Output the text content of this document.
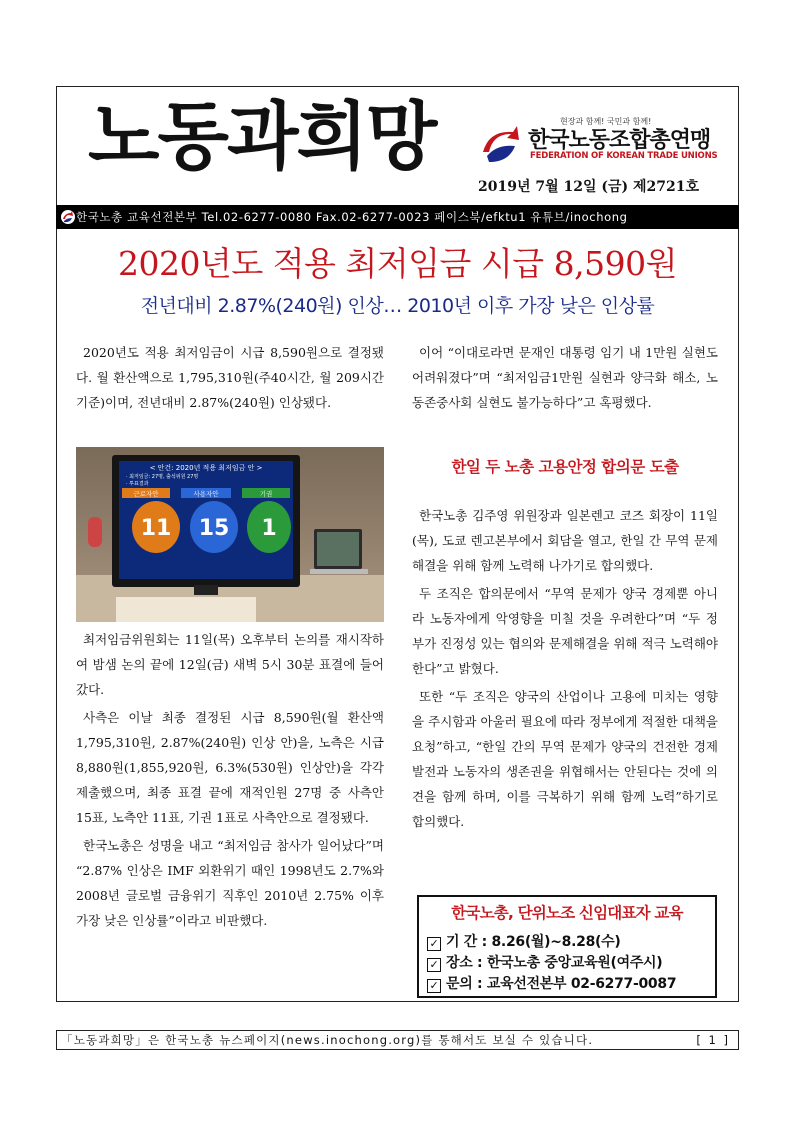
노동과희망	현장과 함께! 국민과 함께!
한국노동조합총연맹
FEDERATION OF KOREAN TRADE UNIONS
2019년 7월 12일 (금) 제2721호
한국노총 교육선전본부 Tel.02-6277-0080 Fax.02-6277-0023 페이스북/efktu1 유튜브/inochong
2020년도 적용 최저임금 시급 8,590원
전년대비 2.87%(240원) 인상… 2010년 이후 가장 낮은 인상률

2020년도 적용 최저임금이 시급 8,590원으로 결정됐다. 월 환산액으로 1,795,310원(주40시간, 월 209시간 기준)이며, 전년대비 2.87%(240원) 인상됐다.

< 안건: 2020년 적용 최저임금 안 >
· 최저임금: 27명, 출석위원 27명
· 투표결과
근로자안	사용자안	기권
11 15 1

최저임금위원회는 11일(목) 오후부터 논의를 재시작하여 밤샘 논의 끝에 12일(금) 새벽 5시 30분 표결에 들어갔다.

사측은 이날 최종 결정된 시급 8,590원(월 환산액 1,795,310원, 2.87%(240원) 인상 안)을, 노측은 시급 8,880원(1,855,920원, 6.3%(530원) 인상안)을 각각 제출했으며, 최종 표결 끝에 재적인원 27명 중 사측안 15표, 노측안 11표, 기권 1표로 사측안으로 결정됐다.

한국노총은 성명을 내고 “최저임금 참사가 일어났다”며 “2.87% 인상은 IMF 외환위기 때인 1998년도 2.7%와 2008년 글로벌 금융위기 직후인 2010년 2.75% 이후 가장 낮은 인상률”이라고 비판했다.

이어 “이대로라면 문재인 대통령 임기 내 1만원 실현도 어려워졌다”며 “최저임금1만원 실현과 양극화 해소, 노동존중사회 실현도 불가능하다”고 혹평했다.

한일 두 노총 고용안정 합의문 도출

한국노총 김주영 위원장과 일본렌고 코즈 회장이 11일(목), 도쿄 렌고본부에서 회담을 열고, 한일 간 무역 문제 해결을 위해 함께 노력해 나가기로 합의했다.

두 조직은 합의문에서 “무역 문제가 양국 경제뿐 아니라 노동자에게 악영향을 미칠 것을 우려한다”며 “두 정부가 진정성 있는 협의와 문제해결을 위해 적극 노력해야 한다”고 밝혔다.

또한 “두 조직은 양국의 산업이나 고용에 미치는 영향을 주시함과 아울러 필요에 따라 정부에게 적절한 대책을 요청”하고, “한일 간의 무역 문제가 양국의 건전한 경제발전과 노동자의 생존권을 위협해서는 안된다는 것에 의견을 함께 하며, 이를 극복하기 위해 함께 노력”하기로 합의했다.

한국노총, 단위노조 신임대표자 교육
✓ 기 간 : 8.26(월)~8.28(수)
✓ 장소 : 한국노총 중앙교육원(여주시)
✓ 문의 : 교육선전본부 02-6277-0087
「노동과희망」은 한국노총 뉴스페이지(news.inochong.org)를 통해서도 보실 수 있습니다.	[ 1 ]
